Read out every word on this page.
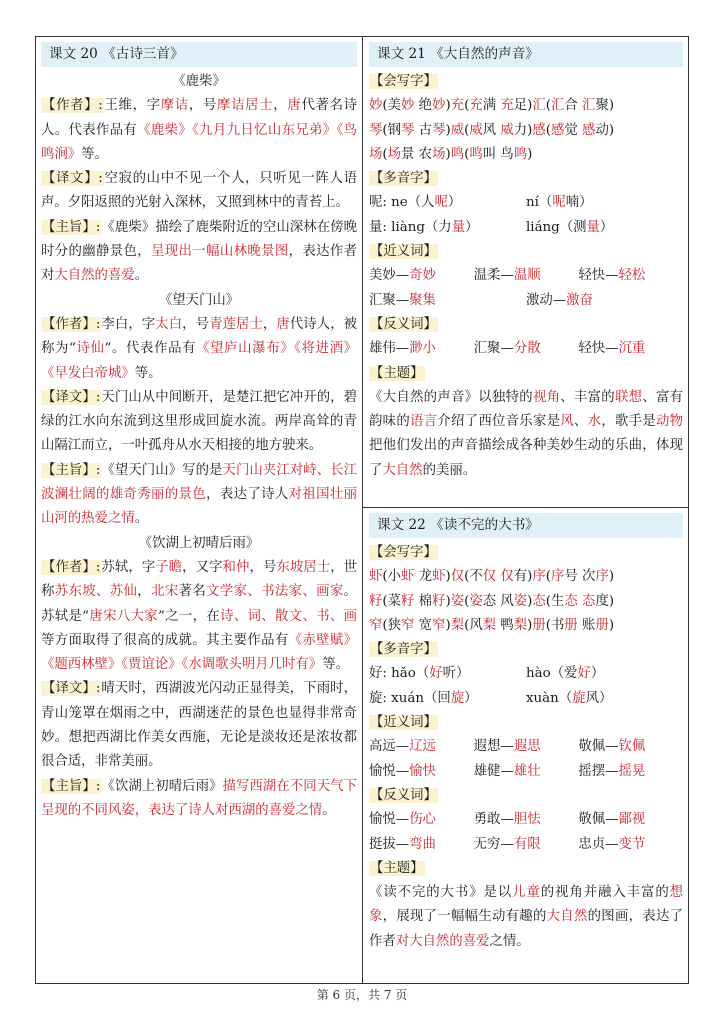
课文 20 《古诗三首》
《鹿柴》
【作者】:王维，字摩诘，号摩诘居士，唐代著名诗人。代表作品有《鹿柴》《九月九日忆山东兄弟》《鸟鸣涧》等。
【译文】:空寂的山中不见一个人，只听见一阵人语声。夕阳返照的光射入深林，又照到林中的青苔上。
【主旨】:《鹿柴》描绘了鹿柴附近的空山深林在傍晚时分的幽静景色，呈现出一幅山林晚景图，表达作者对大自然的喜爱。
《望天门山》
【作者】:李白，字太白，号青莲居士，唐代诗人，被称为“诗仙”。代表作品有《望庐山瀑布》《将进酒》《早发白帝城》等。
【译文】:天门山从中间断开，是楚江把它冲开的，碧绿的江水向东流到这里形成回旋水流。两岸高耸的青山隔江而立，一叶孤舟从水天相接的地方驶来。
【主旨】:《望天门山》写的是天门山夹江对峙、长江波澜壮阔的雄奇秀丽的景色，表达了诗人对祖国壮丽山河的热爱之情。
《饮湖上初晴后雨》
【作者】:苏轼，字子瞻，又字和仲，号东坡居士，世称苏东坡、苏仙，北宋著名文学家、书法家、画家。苏轼是“唐宋八大家”之一，在诗、词、散文、书、画等方面取得了很高的成就。其主要作品有《赤壁赋》《题西林壁》《贾谊论》《水调歌头明月几时有》等。
【译文】:晴天时，西湖波光闪动正显得美，下雨时，青山笼罩在烟雨之中，西湖迷茫的景色也显得非常奇妙。想把西湖比作美女西施，无论是淡妆还是浓妆都很合适，非常美丽。
【主旨】:《饮湖上初晴后雨》描写西湖在不同天气下呈现的不同风姿，表达了诗人对西湖的喜爱之情。
课文 21 《大自然的声音》
【会写字】
妙(美妙 绝妙)充(充满 充足)汇(汇合 汇聚)
琴(钢琴 古琴)威(威风 威力)感(感觉 感动)
场(场景 农场)鸣(鸣叫 鸟鸣)
【多音字】
呢: ne（人呢）	ní（呢喃）
量: liàng（力量）	liáng（测量）
【近义词】
美妙—奇妙	温柔—温顺	轻快—轻松
汇聚—聚集	激动—激奋
【反义词】
雄伟—渺小	汇聚—分散	轻快—沉重
【主题】
《大自然的声音》以独特的视角、丰富的联想、富有韵味的语言介绍了西位音乐家是风、水，歌手是动物把他们发出的声音描绘成各种美妙生动的乐曲，体现了大自然的美丽。
课文 22 《读不完的大书》
【会写字】
虾(小虾 龙虾)仅(不仅 仅有)序(序号 次序)
籽(菜籽 棉籽)姿(姿态 风姿)态(生态 态度)
窄(狭窄 宽窄)梨(风梨 鸭梨)册(书册 账册)
【多音字】
好: hǎo（好听）	hào（爱好）
旋: xuán（回旋）	xuàn（旋风）
【近义词】
高远—辽远	遐想—遐思	敬佩—钦佩
愉悦—愉快	雄健—雄壮	摇摆—摇晃
【反义词】
愉悦—伤心	勇敢—胆怯	敬佩—鄙视
挺拔—弯曲	无穷—有限	忠贞—变节
【主题】
《读不完的大书》是以儿童的视角并融入丰富的想象，展现了一幅幅生动有趣的大自然的图画，表达了作者对大自然的喜爱之情。
第 6 页，共 7 页
